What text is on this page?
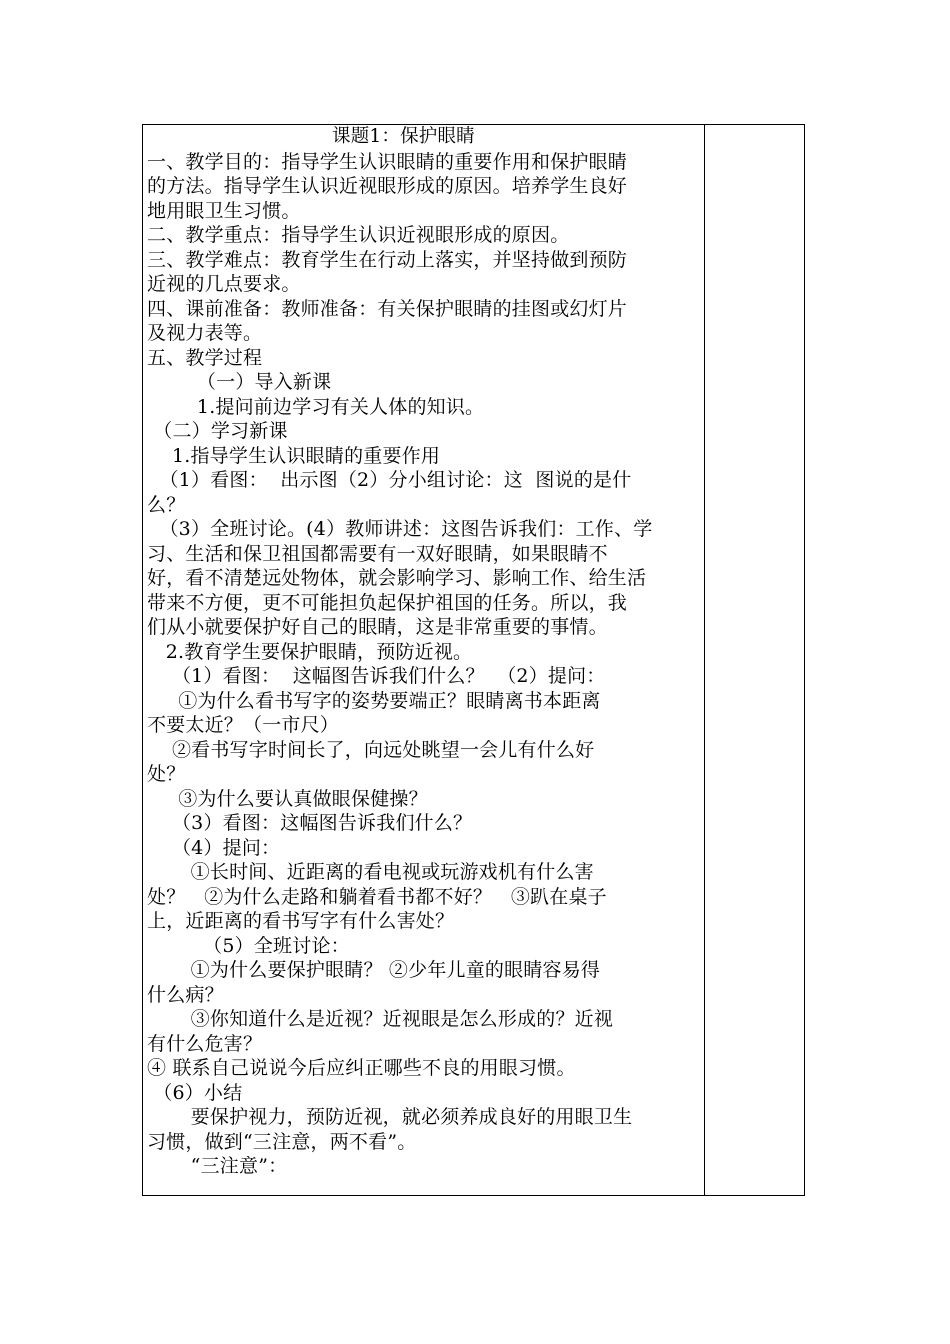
课题1：保护眼睛
一、教学目的：指导学生认识眼睛的重要作用和保护眼睛
的方法。指导学生认识近视眼形成的原因。培养学生良好
地用眼卫生习惯。
二、教学重点：指导学生认识近视眼形成的原因。
三、教学难点：教育学生在行动上落实，并坚持做到预防
近视的几点要求。
四、课前准备：教师准备：有关保护眼睛的挂图或幻灯片
及视力表等。
五、教学过程
（一）导入新课
1.提问前边学习有关人体的知识。
（二）学习新课
1.指导学生认识眼睛的重要作用
（1）看图：  出示图（2）分小组讨论：这  图说的是什
么？
（3）全班讨论。(4）教师讲述：这图告诉我们：工作、学
习、生活和保卫祖国都需要有一双好眼睛，如果眼睛不
好，看不清楚远处物体，就会影响学习、影响工作、给生活
带来不方便，更不可能担负起保护祖国的任务。所以，我
们从小就要保护好自己的眼睛，这是非常重要的事情。
2.教育学生要保护眼睛，预防近视。
（1）看图：  这幅图告诉我们什么？  （2）提问：
①为什么看书写字的姿势要端正？眼睛离书本距离
不要太近？（一市尺）
②看书写字时间长了，向远处眺望一会儿有什么好
处？
③为什么要认真做眼保健操？
（3）看图：这幅图告诉我们什么？
（4）提问：
①长时间、近距离的看电视或玩游戏机有什么害
处？   ②为什么走路和躺着看书都不好？   ③趴在桌子
上，近距离的看书写字有什么害处？
（5）全班讨论：
①为什么要保护眼睛？ ②少年儿童的眼睛容易得
什么病？
③你知道什么是近视？近视眼是怎么形成的？近视
有什么危害？
④ 联系自己说说今后应纠正哪些不良的用眼习惯。
（6）小结
要保护视力，预防近视，就必须养成良好的用眼卫生
习惯，做到“三注意，两不看”。
“三注意”：
